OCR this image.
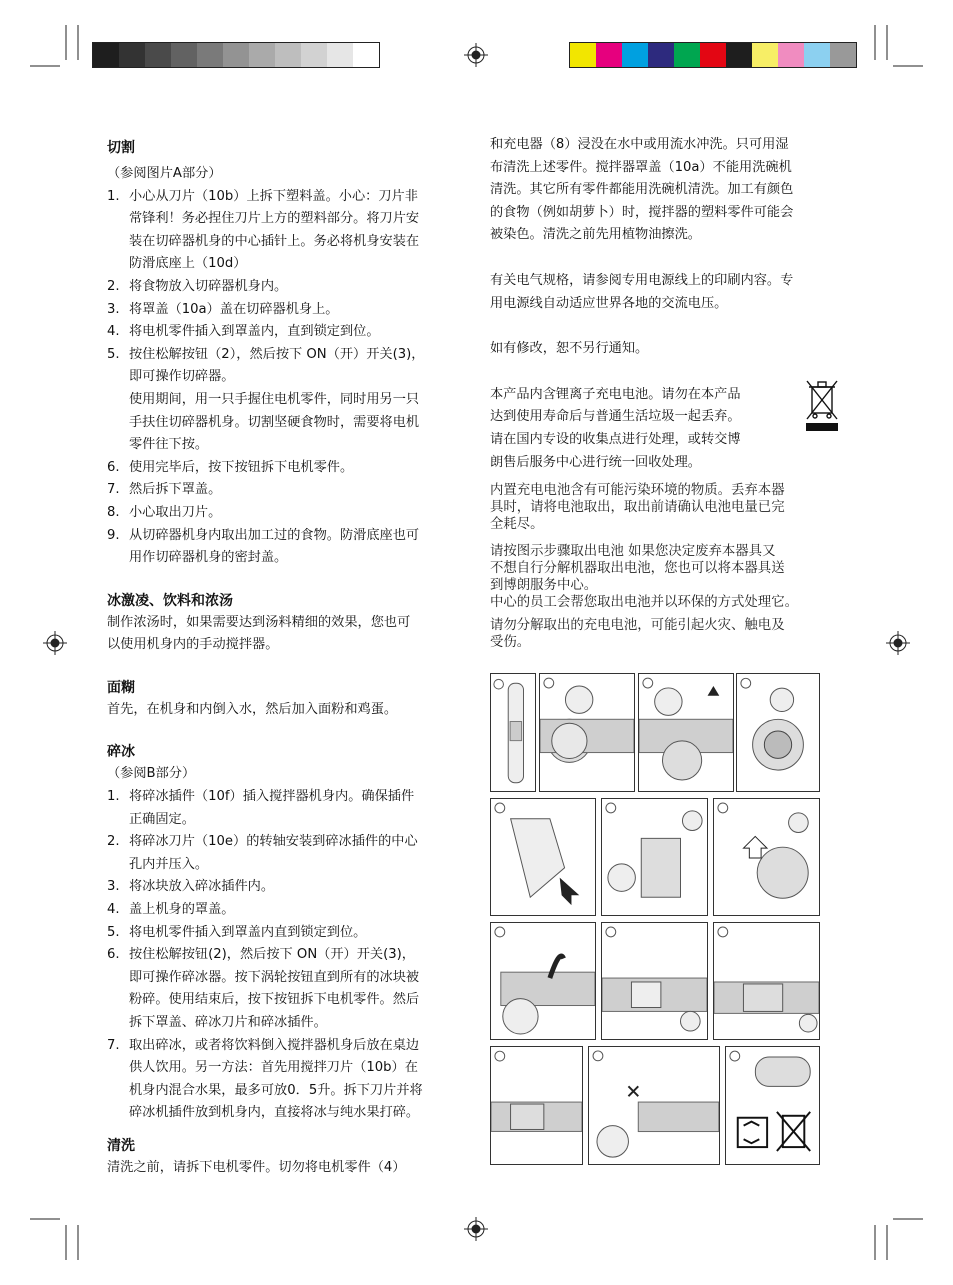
切割

（参阅图片A部分）

1. 小心从刀片（10b）上拆下塑料盖。小心：刀片非
常锋利！务必捏住刀片上方的塑料部分。将刀片安
装在切碎器机身的中心插针上。务必将机身安装在
防滑底座上（10d）
2. 将食物放入切碎器机身内。
3. 将罩盖（10a）盖在切碎器机身上。
4. 将电机零件插入到罩盖内，直到锁定到位。
5. 按住松解按钮（2），然后按下 ON（开）开关(3)，
即可操作切碎器。
使用期间，用一只手握住电机零件，同时用另一只
手扶住切碎器机身。切割坚硬食物时，需要将电机
零件往下按。
6. 使用完毕后，按下按钮拆下电机零件。
7. 然后拆下罩盖。
8. 小心取出刀片。
9. 从切碎器机身内取出加工过的食物。防滑底座也可
用作切碎器机身的密封盖。

冰激凌、饮料和浓汤

制作浓汤时，如果需要达到汤料精细的效果，您也可
以使用机身内的手动搅拌器。

面糊

首先，在机身和内倒入水，然后加入面粉和鸡蛋。

碎冰

（参阅B部分）

1. 将碎冰插件（10f）插入搅拌器机身内。确保插件
正确固定。
2. 将碎冰刀片（10e）的转轴安装到碎冰插件的中心
孔内并压入。
3. 将冰块放入碎冰插件内。
4. 盖上机身的罩盖。
5. 将电机零件插入到罩盖内直到锁定到位。
6. 按住松解按钮(2)，然后按下 ON（开）开关(3)，
即可操作碎冰器。按下涡轮按钮直到所有的冰块被
粉碎。使用结束后，按下按钮拆下电机零件。然后
拆下罩盖、碎冰刀片和碎冰插件。
7. 取出碎冰，或者将饮料倒入搅拌器机身后放在桌边
供人饮用。另一方法：首先用搅拌刀片（10b）在
机身内混合水果，最多可放0．5升。拆下刀片并将
碎冰机插件放到机身内，直接将冰与纯水果打碎。

清洗

清洗之前，请拆下电机零件。切勿将电机零件（4）
和充电器（8）浸没在水中或用流水冲洗。只可用湿
布清洗上述零件。搅拌器罩盖（10a）不能用洗碗机
清洗。其它所有零件都能用洗碗机清洗。加工有颜色
的食物（例如胡萝卜）时，搅拌器的塑料零件可能会
被染色。清洗之前先用植物油擦洗。
有关电气规格，请参阅专用电源线上的印刷内容。专
用电源线自动适应世界各地的交流电压。
如有修改，恕不另行通知。
本产品内含锂离子充电电池。请勿在本产品
达到使用寿命后与普通生活垃圾一起丢弃。
请在国内专设的收集点进行处理，或转交博
朗售后服务中心进行统一回收处理。
内置充电电池含有可能污染环境的物质。丢弃本器
具时，请将电池取出，取出前请确认电池电量已完
全耗尽。
请按图示步骤取出电池 如果您决定废弃本器具又
不想自行分解机器取出电池，您也可以将本器具送
到博朗服务中心。
中心的员工会帮您取出电池并以环保的方式处理它。
请勿分解取出的充电电池，可能引起火灾、触电及
受伤。
